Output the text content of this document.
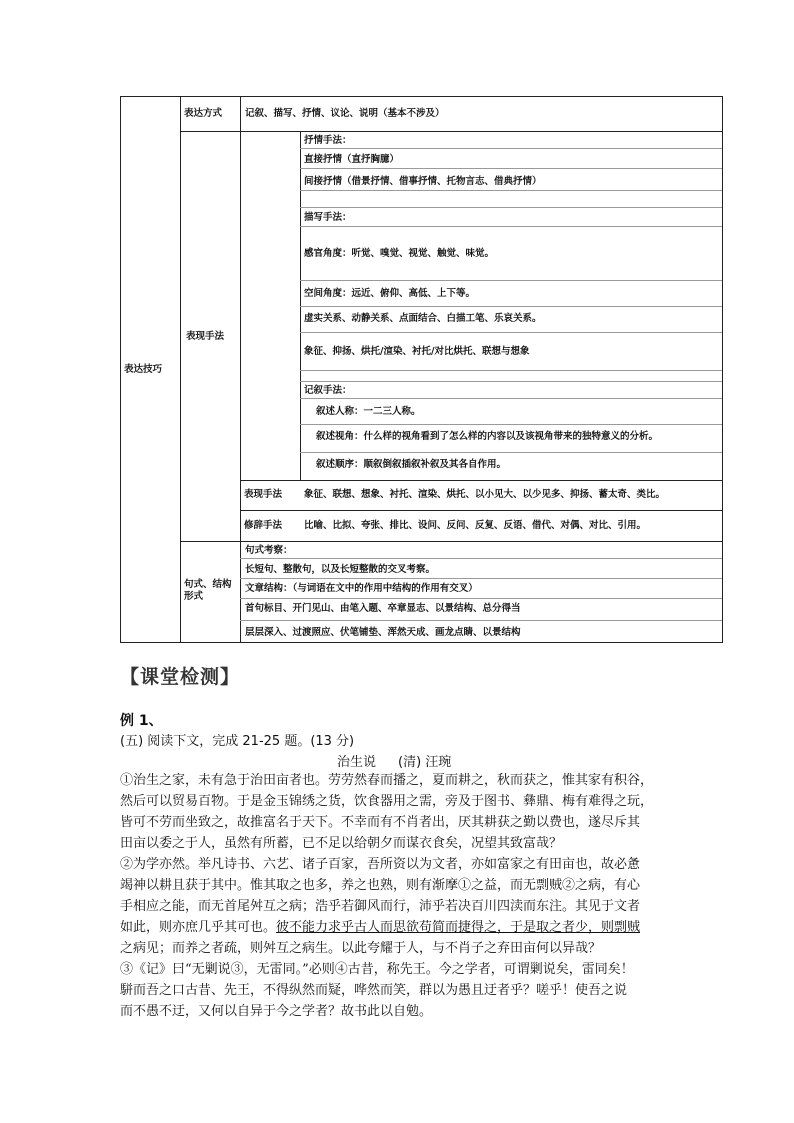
表达技巧
表达方式 记叙、描写、抒情、议论、说明（基本不涉及）
表现手法
抒情手法：
直接抒情（直抒胸臆）
间接抒情（借景抒情、借事抒情、托物言志、借典抒情）
描写手法：
感官角度：听觉、嗅觉、视觉、触觉、味觉。
空间角度：远近、俯仰、高低、上下等。
虚实关系、动静关系、点面结合、白描工笔、乐哀关系。
象征、抑扬、烘托/渲染、衬托/对比烘托、联想与想象
记叙手法：
叙述人称：一二三人称。
叙述视角：什么样的视角看到了怎么样的内容以及该视角带来的独特意义的分析。
叙述顺序：顺叙倒叙插叙补叙及其各自作用。
表现手法 象征、联想、想象、衬托、渲染、烘托、以小见大、以少见多、抑扬、蓄太奇、类比。
修辞手法 比喻、比拟、夸张、排比、设问、反问、反复、反语、借代、对偶、对比、引用。
句式、结构形式
句式考察：
长短句、整散句，以及长短整散的交叉考察。
文章结构：（与词语在文中的作用中结构的作用有交叉）
首句标目、开门见山、由笔入题、卒章显志、以景结构、总分得当
层层深入、过渡照应、伏笔铺垫、浑然天成、画龙点睛、以景结构
【课堂检测】
例 1、
(五) 阅读下文，完成 21-25 题。(13 分)
治生说 (清) 汪琬
①治生之家，未有急于治田亩者也。劳劳然春而播之，夏而耕之，秋而获之，惟其家有积谷，
然后可以贸易百物。于是金玉锦绣之货，饮食器用之需，旁及于图书、彝鼎、梅有难得之玩，
皆可不劳而坐致之，故推富名于天下。不幸而有不肖者出，厌其耕获之勤以费也，遂尽斥其
田亩以委之于人，虽然有所蓄，已不足以给朝夕而谋衣食矣，况望其致富哉？
②为学亦然。举凡诗书、六艺、诸子百家，吾所资以为文者，亦如富家之有田亩也，故必惫
竭神以耕且获于其中。惟其取之也多，养之也熟，则有渐摩①之益，而无剽贼②之病，有心
手相应之能，而无首尾舛互之病；浩乎若御风而行，沛乎若决百川四渎而东注。其见于文者
如此，则亦庶几乎其可也。彼不能力求乎古人而思欲苟简而捷得之，于是取之者少，则剽贼
之病见；而养之者疏，则舛互之病生。以此夸耀于人，与不肖子之弃田亩何以异哉？
③《记》曰“无剿说③，无雷同。”必则④古昔，称先王。今之学者，可谓剿说矣，雷同矣！
駢而吾之口古昔、先王，不得纵然而疑，哗然而笑，群以为愚且迂者乎？嗟乎！使吾之说
而不愚不迂，又何以自异于今之学者？故书此以自勉。
